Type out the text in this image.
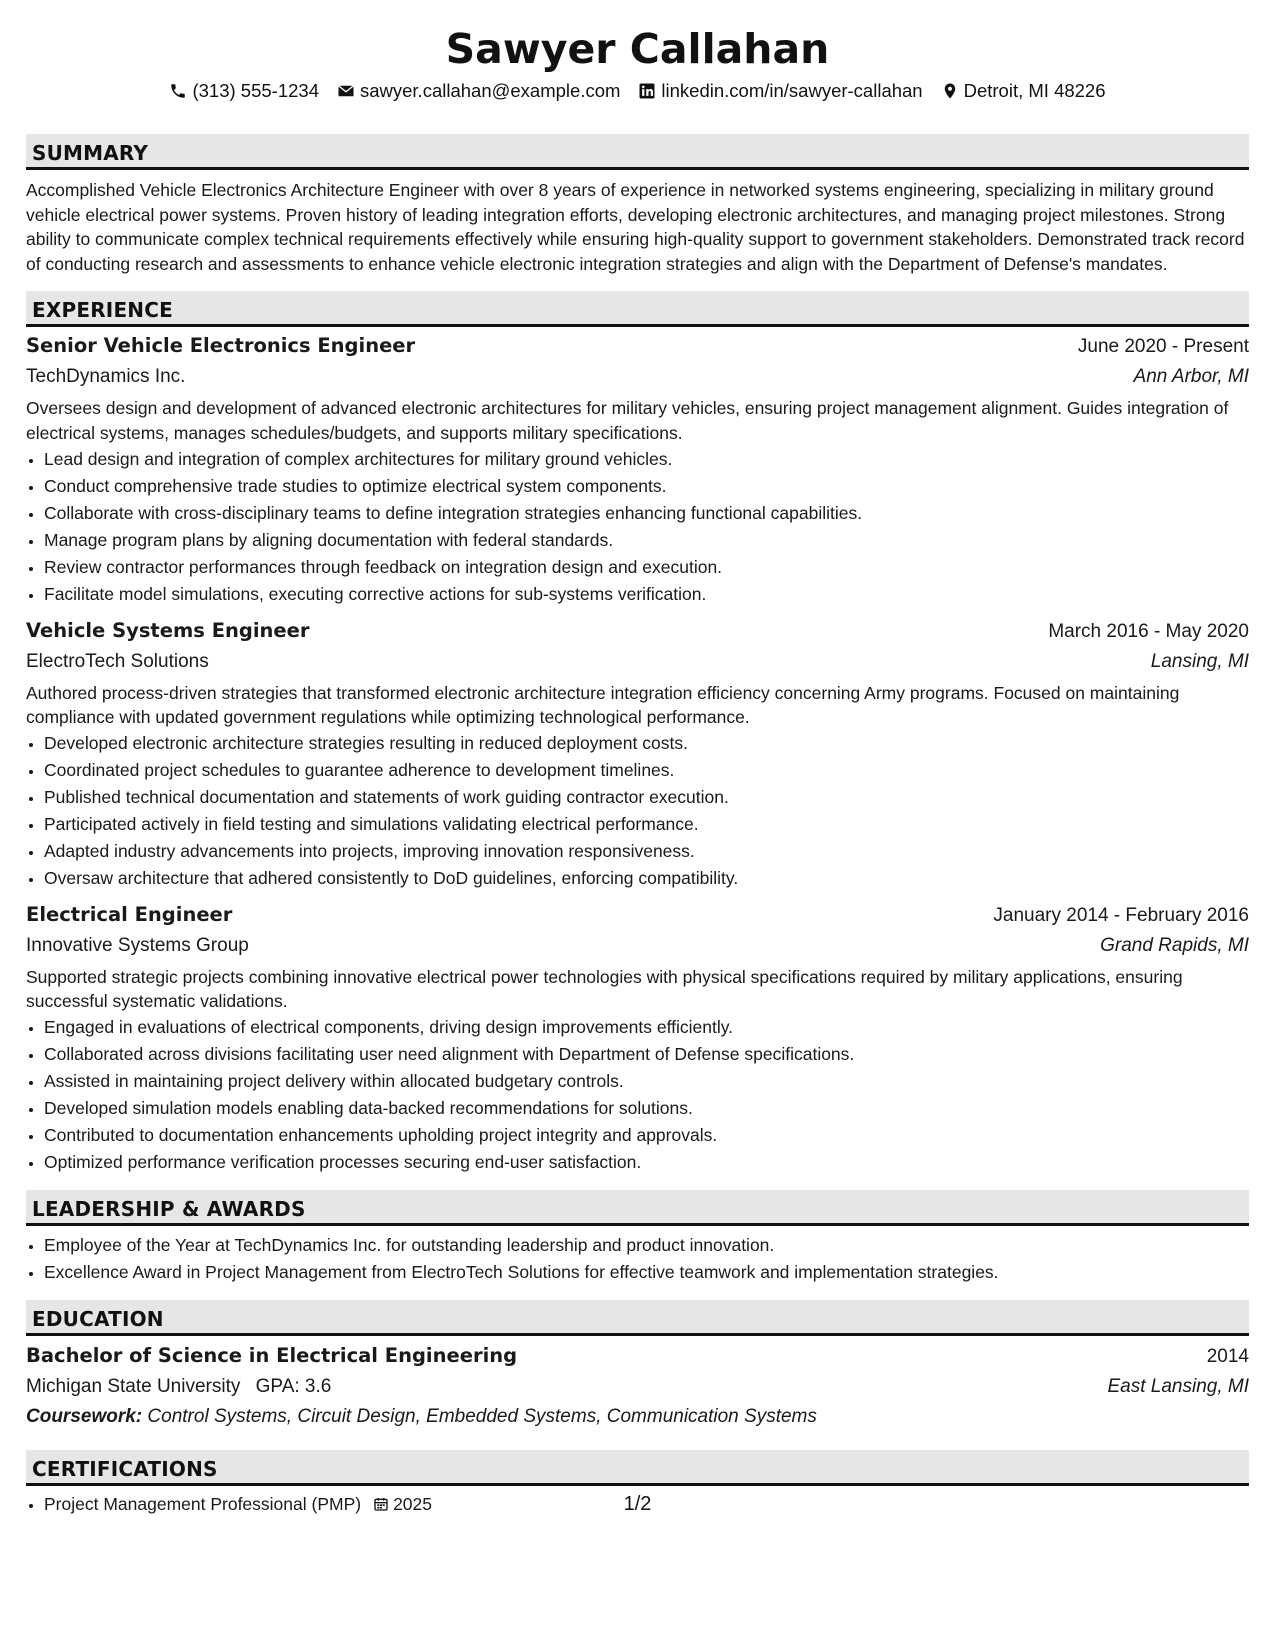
Sawyer Callahan
(313) 555-1234 sawyer.callahan@example.com linkedin.com/in/sawyer-callahan Detroit, MI 48226
SUMMARY

Accomplished Vehicle Electronics Architecture Engineer with over 8 years of experience in networked systems engineering, specializing in military ground vehicle electrical power systems. Proven history of leading integration efforts, developing electronic architectures, and managing project milestones. Strong ability to communicate complex technical requirements effectively while ensuring high-quality support to government stakeholders. Demonstrated track record of conducting research and assessments to enhance vehicle electronic integration strategies and align with the Department of Defense's mandates.

EXPERIENCE
Senior Vehicle Electronics Engineer	June 2020 - Present
TechDynamics Inc.	Ann Arbor, MI

Oversees design and development of advanced electronic architectures for military vehicles, ensuring project management alignment. Guides integration of electrical systems, manages schedules/budgets, and supports military specifications.

• Lead design and integration of complex architectures for military ground vehicles.
• Conduct comprehensive trade studies to optimize electrical system components.
• Collaborate with cross-disciplinary teams to define integration strategies enhancing functional capabilities.
• Manage program plans by aligning documentation with federal standards.
• Review contractor performances through feedback on integration design and execution.
• Facilitate model simulations, executing corrective actions for sub-systems verification.
Vehicle Systems Engineer	March 2016 - May 2020
ElectroTech Solutions	Lansing, MI

Authored process-driven strategies that transformed electronic architecture integration efficiency concerning Army programs. Focused on maintaining compliance with updated government regulations while optimizing technological performance.

• Developed electronic architecture strategies resulting in reduced deployment costs.
• Coordinated project schedules to guarantee adherence to development timelines.
• Published technical documentation and statements of work guiding contractor execution.
• Participated actively in field testing and simulations validating electrical performance.
• Adapted industry advancements into projects, improving innovation responsiveness.
• Oversaw architecture that adhered consistently to DoD guidelines, enforcing compatibility.
Electrical Engineer	January 2014 - February 2016
Innovative Systems Group	Grand Rapids, MI

Supported strategic projects combining innovative electrical power technologies with physical specifications required by military applications, ensuring successful systematic validations.

• Engaged in evaluations of electrical components, driving design improvements efficiently.
• Collaborated across divisions facilitating user need alignment with Department of Defense specifications.
• Assisted in maintaining project delivery within allocated budgetary controls.
• Developed simulation models enabling data-backed recommendations for solutions.
• Contributed to documentation enhancements upholding project integrity and approvals.
• Optimized performance verification processes securing end-user satisfaction.
LEADERSHIP & AWARDS
• Employee of the Year at TechDynamics Inc. for outstanding leadership and product innovation.
• Excellence Award in Project Management from ElectroTech Solutions for effective teamwork and implementation strategies.
EDUCATION
Bachelor of Science in Electrical Engineering	2014
Michigan State University GPA: 3.6	East Lansing, MI
Coursework: Control Systems, Circuit Design, Embedded Systems, Communication Systems
CERTIFICATIONS
• Project Management Professional (PMP) 2025	1/2
